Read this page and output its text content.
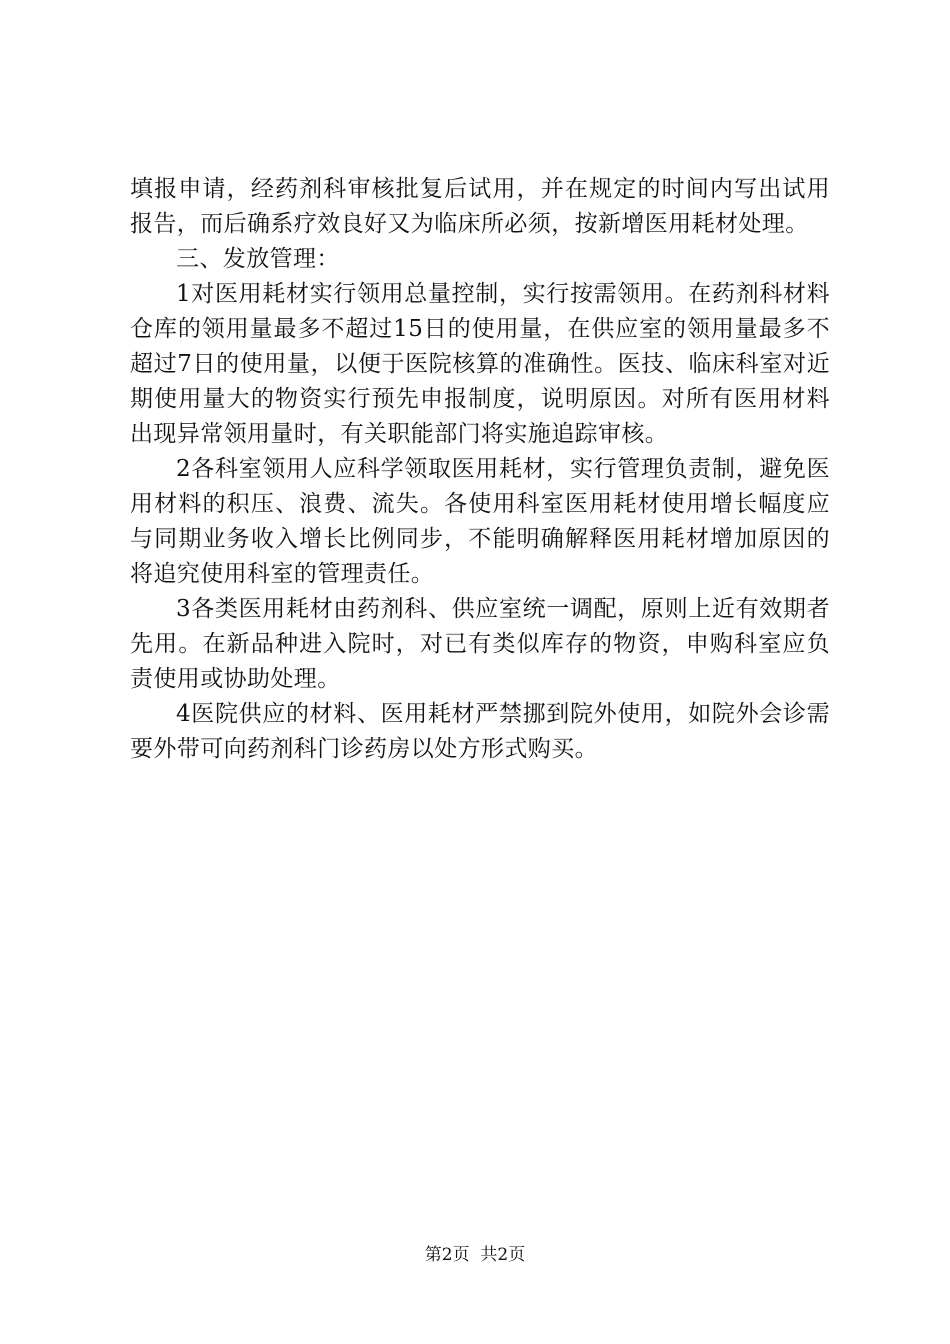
填报申请，经药剂科审核批复后试用，并在规定的时间内写出试用报告，而后确系疗效良好又为临床所必须，按新增医用耗材处理。

三、发放管理：

1对医用耗材实行领用总量控制，实行按需领用。在药剂科材料仓库的领用量最多不超过15日的使用量，在供应室的领用量最多不超过7日的使用量，以便于医院核算的准确性。医技、临床科室对近期使用量大的物资实行预先申报制度，说明原因。对所有医用材料出现异常领用量时，有关职能部门将实施追踪审核。

2各科室领用人应科学领取医用耗材，实行管理负责制，避免医用材料的积压、浪费、流失。各使用科室医用耗材使用增长幅度应与同期业务收入增长比例同步，不能明确解释医用耗材增加原因的将追究使用科室的管理责任。

3各类医用耗材由药剂科、供应室统一调配，原则上近有效期者先用。在新品种进入院时，对已有类似库存的物资，申购科室应负责使用或协助处理。

4医院供应的材料、医用耗材严禁挪到院外使用，如院外会诊需要外带可向药剂科门诊药房以处方形式购买。

第2页 共2页
